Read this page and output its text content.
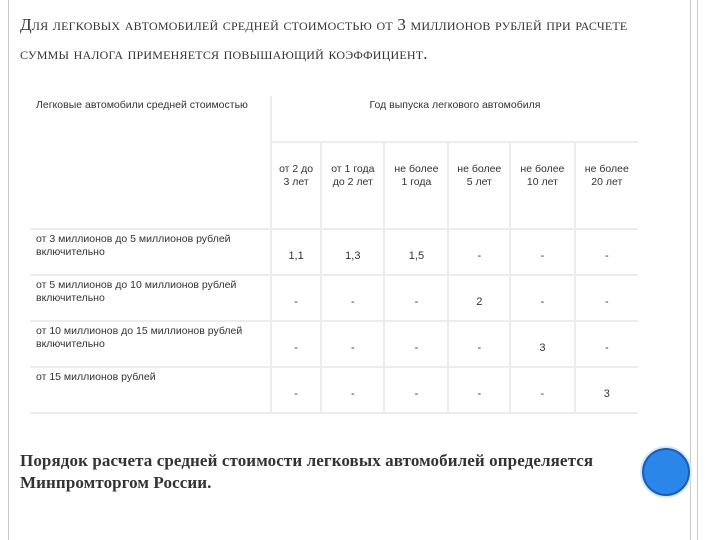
Для легковых автомобилей средней стоимостью от 3 миллионов рублей при расчете суммы налога применяется повышающий коэффициент.
Легковые автомобили средней стоимостью	Год выпуска легкового автомобиля					
	от 2 до 3 лет	от 1 года до 2 лет	не более 1 года	не более 5 лет	не более 10 лет	не более 20 лет
от 3 миллионов до 5 миллионов рублей включительно	1,1	1,3	1,5	-	-	-
от 5 миллионов до 10 миллионов рублей включительно	-	-	-	2	-	-
от 10 миллионов до 15 миллионов рублей включительно	-	-	-	-	3	-
от 15 миллионов рублей	-	-	-	-	-	3
Порядок расчета средней стоимости легковых автомобилей определяется Минпромторгом России.
